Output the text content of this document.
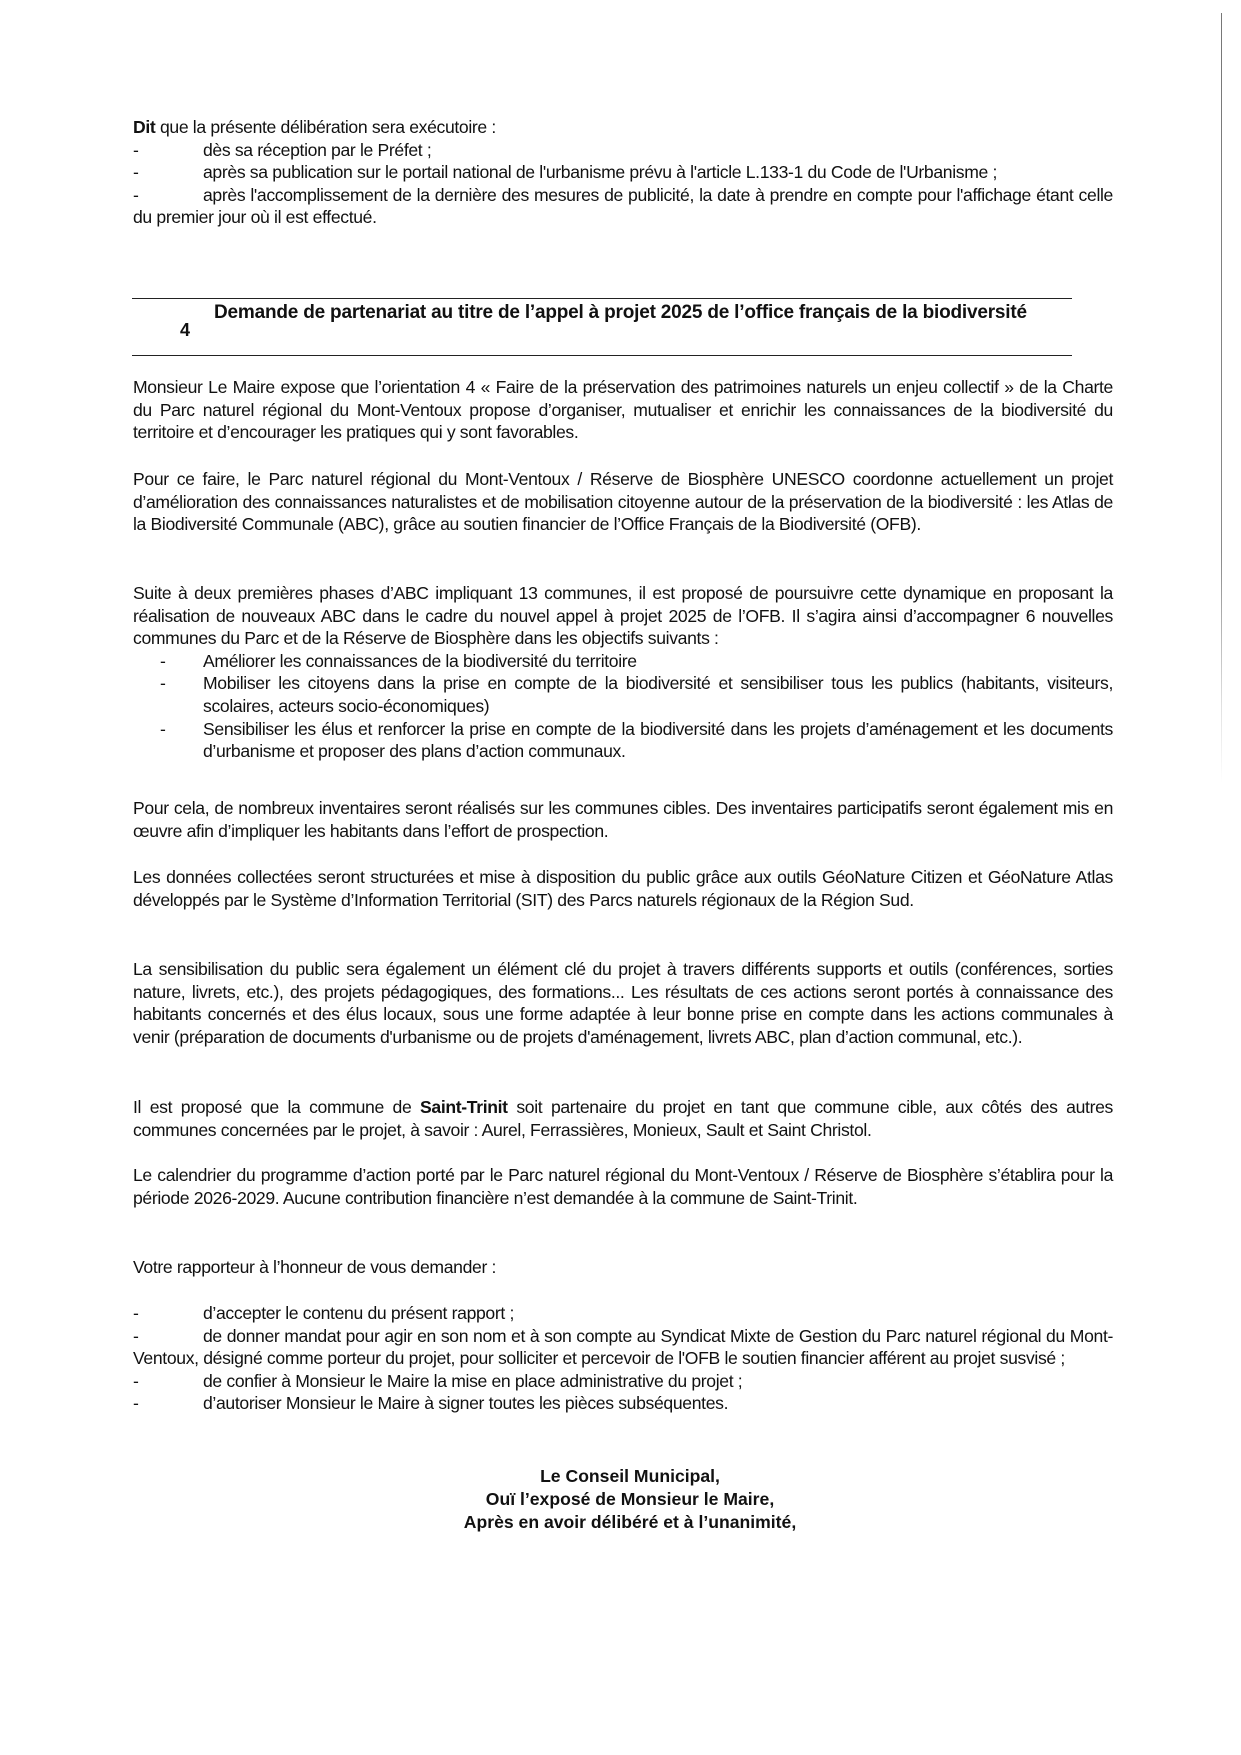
Dit que la présente délibération sera exécutoire :

-	dès sa réception par le Préfet ;

-	après sa publication sur le portail national de l'urbanisme prévu à l'article L.133-1 du Code de l'Urbanisme ;

-	après l'accomplissement de la dernière des mesures de publicité, la date à prendre en compte pour l'affichage étant celle du premier jour où il est effectué.

4
Demande de partenariat au titre de l’appel à projet 2025 de l’office français de la biodiversité

Monsieur Le Maire expose que l’orientation 4 « Faire de la préservation des patrimoines naturels un enjeu collectif » de la Charte du Parc naturel régional du Mont-Ventoux propose d’organiser, mutualiser et enrichir les connaissances de la biodiversité du territoire et d’encourager les pratiques qui y sont favorables.

Pour ce faire, le Parc naturel régional du Mont-Ventoux / Réserve de Biosphère UNESCO coordonne actuellement un projet d’amélioration des connaissances naturalistes et de mobilisation citoyenne autour de la préservation de la biodiversité : les Atlas de la Biodiversité Communale (ABC), grâce au soutien financier de l’Office Français de la Biodiversité (OFB).

Suite à deux premières phases d’ABC impliquant 13 communes, il est proposé de poursuivre cette dynamique en proposant la réalisation de nouveaux ABC dans le cadre du nouvel appel à projet 2025 de l’OFB. Il s’agira ainsi d’accompagner 6 nouvelles communes du Parc et de la Réserve de Biosphère dans les objectifs suivants :

- Améliorer les connaissances de la biodiversité du territoire
- Mobiliser les citoyens dans la prise en compte de la biodiversité et sensibiliser tous les publics (habitants, visiteurs, scolaires, acteurs socio-économiques)
- Sensibiliser les élus et renforcer la prise en compte de la biodiversité dans les projets d’aménagement et les documents d’urbanisme et proposer des plans d’action communaux.

Pour cela, de nombreux inventaires seront réalisés sur les communes cibles. Des inventaires participatifs seront également mis en œuvre afin d’impliquer les habitants dans l’effort de prospection.

Les données collectées seront structurées et mise à disposition du public grâce aux outils GéoNature Citizen et GéoNature Atlas développés par le Système d’Information Territorial (SIT) des Parcs naturels régionaux de la Région Sud.

La sensibilisation du public sera également un élément clé du projet à travers différents supports et outils (conférences, sorties nature, livrets, etc.), des projets pédagogiques, des formations... Les résultats de ces actions seront portés à connaissance des habitants concernés et des élus locaux, sous une forme adaptée à leur bonne prise en compte dans les actions communales à venir (préparation de documents d'urbanisme ou de projets d'aménagement, livrets ABC, plan d’action communal, etc.).

Il est proposé que la commune de Saint-Trinit soit partenaire du projet en tant que commune cible, aux côtés des autres communes concernées par le projet, à savoir : Aurel, Ferrassières, Monieux, Sault et Saint Christol.

Le calendrier du programme d’action porté par le Parc naturel régional du Mont-Ventoux / Réserve de Biosphère s’établira pour la période 2026-2029. Aucune contribution financière n’est demandée à la commune de Saint-Trinit.

Votre rapporteur à l’honneur de vous demander :

-	d’accepter le contenu du présent rapport ;

-	de donner mandat pour agir en son nom et à son compte au Syndicat Mixte de Gestion du Parc naturel régional du Mont-Ventoux, désigné comme porteur du projet, pour solliciter et percevoir de l'OFB le soutien financier afférent au projet susvisé ;

-	de confier à Monsieur le Maire la mise en place administrative du projet ;

-	d’autoriser Monsieur le Maire à signer toutes les pièces subséquentes.

Le Conseil Municipal,
Ouï l’exposé de Monsieur le Maire,
Après en avoir délibéré et à l’unanimité,
